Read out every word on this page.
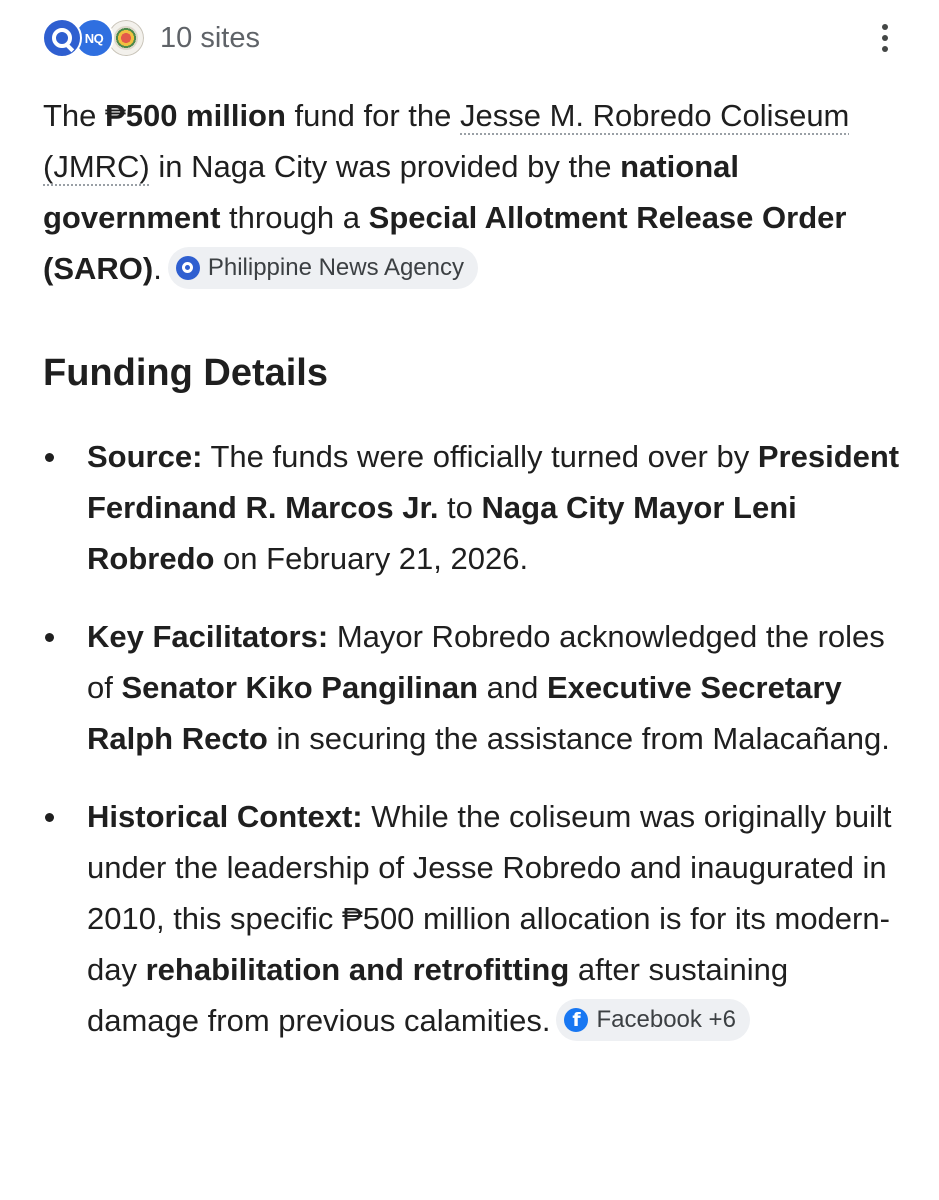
NQ 10 sites

The ₱500 million fund for the Jesse M. Robredo Coliseum (JMRC) in Naga City was provided by the national government through a Special Allotment Release Order (SARO). Philippine News Agency

Funding Details
Source: The funds were officially turned over by President Ferdinand R. Marcos Jr. to Naga City Mayor Leni Robredo on February 21, 2026.
Key Facilitators: Mayor Robredo acknowledged the roles of Senator Kiko Pangilinan and Executive Secretary Ralph Recto in securing the assistance from Malacañang.
Historical Context: While the coliseum was originally built under the leadership of Jesse Robredo and inaugurated in 2010, this specific ₱500 million allocation is for its modern-day rehabilitation and retrofitting after sustaining damage from previous calamities.	f Facebook +6
